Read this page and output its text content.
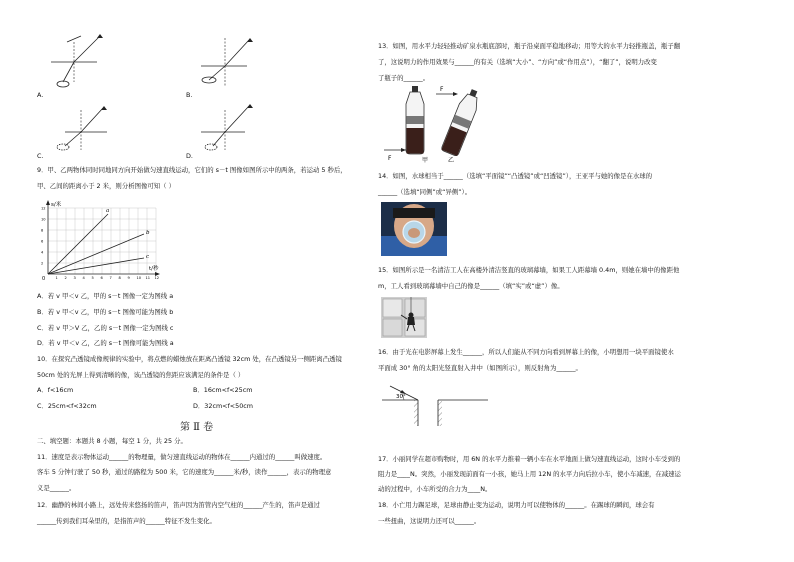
A.	B.
C.	D.
9．甲、乙两物体同时同地同方向开始做匀速直线运动，它们的 s－t 图像如图所示中的两条，若运动 5 秒后，
甲、乙间的距离小于 2 米，则分析图像可知（ ）
s/米
t/秒
0
a
b
c
1 2 3 4 5 6 7 8 9 10 11 12
2
4
6
8
10
12
A．若 v 甲＜v 乙，甲的 s－t 图像一定为图线 a
B．若 v 甲＜v 乙，甲的 s－t 图像可能为图线 b
C．若 v 甲＞V 乙，乙的 s－t 图像一定为图线 c
D．若 v 甲＜v 乙，乙的 s－t 图像可能为图线 a
10．在探究凸透镜成像规律的实验中，将点燃的蜡烛放在距离凸透镜 32cm 处，在凸透镜另一侧距离凸透镜
50cm 处的光屏上得到清晰的像，该凸透镜的焦距应该满足的条件是（ ）
A．f<16cm	B．16cm<f<25cm
C．25cm<f<32cm	D．32cm<f<50cm
第 Ⅱ 卷
二、填空题：本题共 8 小题，每空 1 分，共 25 分。
11．速度是表示物体运动______的物理量，做匀速直线运动的物体在______内通过的______叫做速度。
客车 5 分钟行驶了 50 秒，通过的路程为 500 米，它的速度为______米/秒，读作______，表示的物理意
义是______。
12．幽静的林间小路上，远处传来悠扬的笛声，笛声因为笛管内空气柱的______产生的，笛声是通过
______传到我们耳朵里的，是指笛声的______特征不发生变化。
13．如图，用水平力轻轻推动矿泉水瓶底部时，瓶子沿桌面平稳地移动；用等大的水平力轻推瓶盖，瓶子翻
了，这说明力的作用效果与______的有关（选填“大小”、“方向”或“作用点”），“翻了”，说明力改变
了瓶子的______。
F
F
甲	乙
14．如图，水球相当于______（选填“平面镜”“凸透镜”或“凹透镜”），王亚平与她的像是在水球的
______（选填“同侧”或“异侧”）。
15．如图所示是一名清洁工人在高楼外清洁竖直的玻璃幕墙，如果工人距幕墙 0.4m，则她在墙中的像距他
m，工人看到玻璃幕墙中自己的像是______（填“实”或“虚”）像。
16．由于光在电影屏幕上发生______，所以人们能从不同方向看到屏幕上的像，小明想用一块平面镜使水
平面成 30° 角的太阳光竖直射入井中（如图所示），则反射角为______。
30°
17．小丽同学在超市购物时，用 6N 的水平力推着一辆小车在水平地面上做匀速直线运动，这时小车受到的
阻力是____N。突然，小丽发现前面有一小孩，她马上用 12N 的水平力向后拉小车，使小车减速，在减速运
动的过程中，小车所受的合力为____N。
18．小亡用力踢足球，足球由静止变为运动，说明力可以使物体的______。在踢球的瞬间，球会有
一些扭曲，这说明力还可以______。
